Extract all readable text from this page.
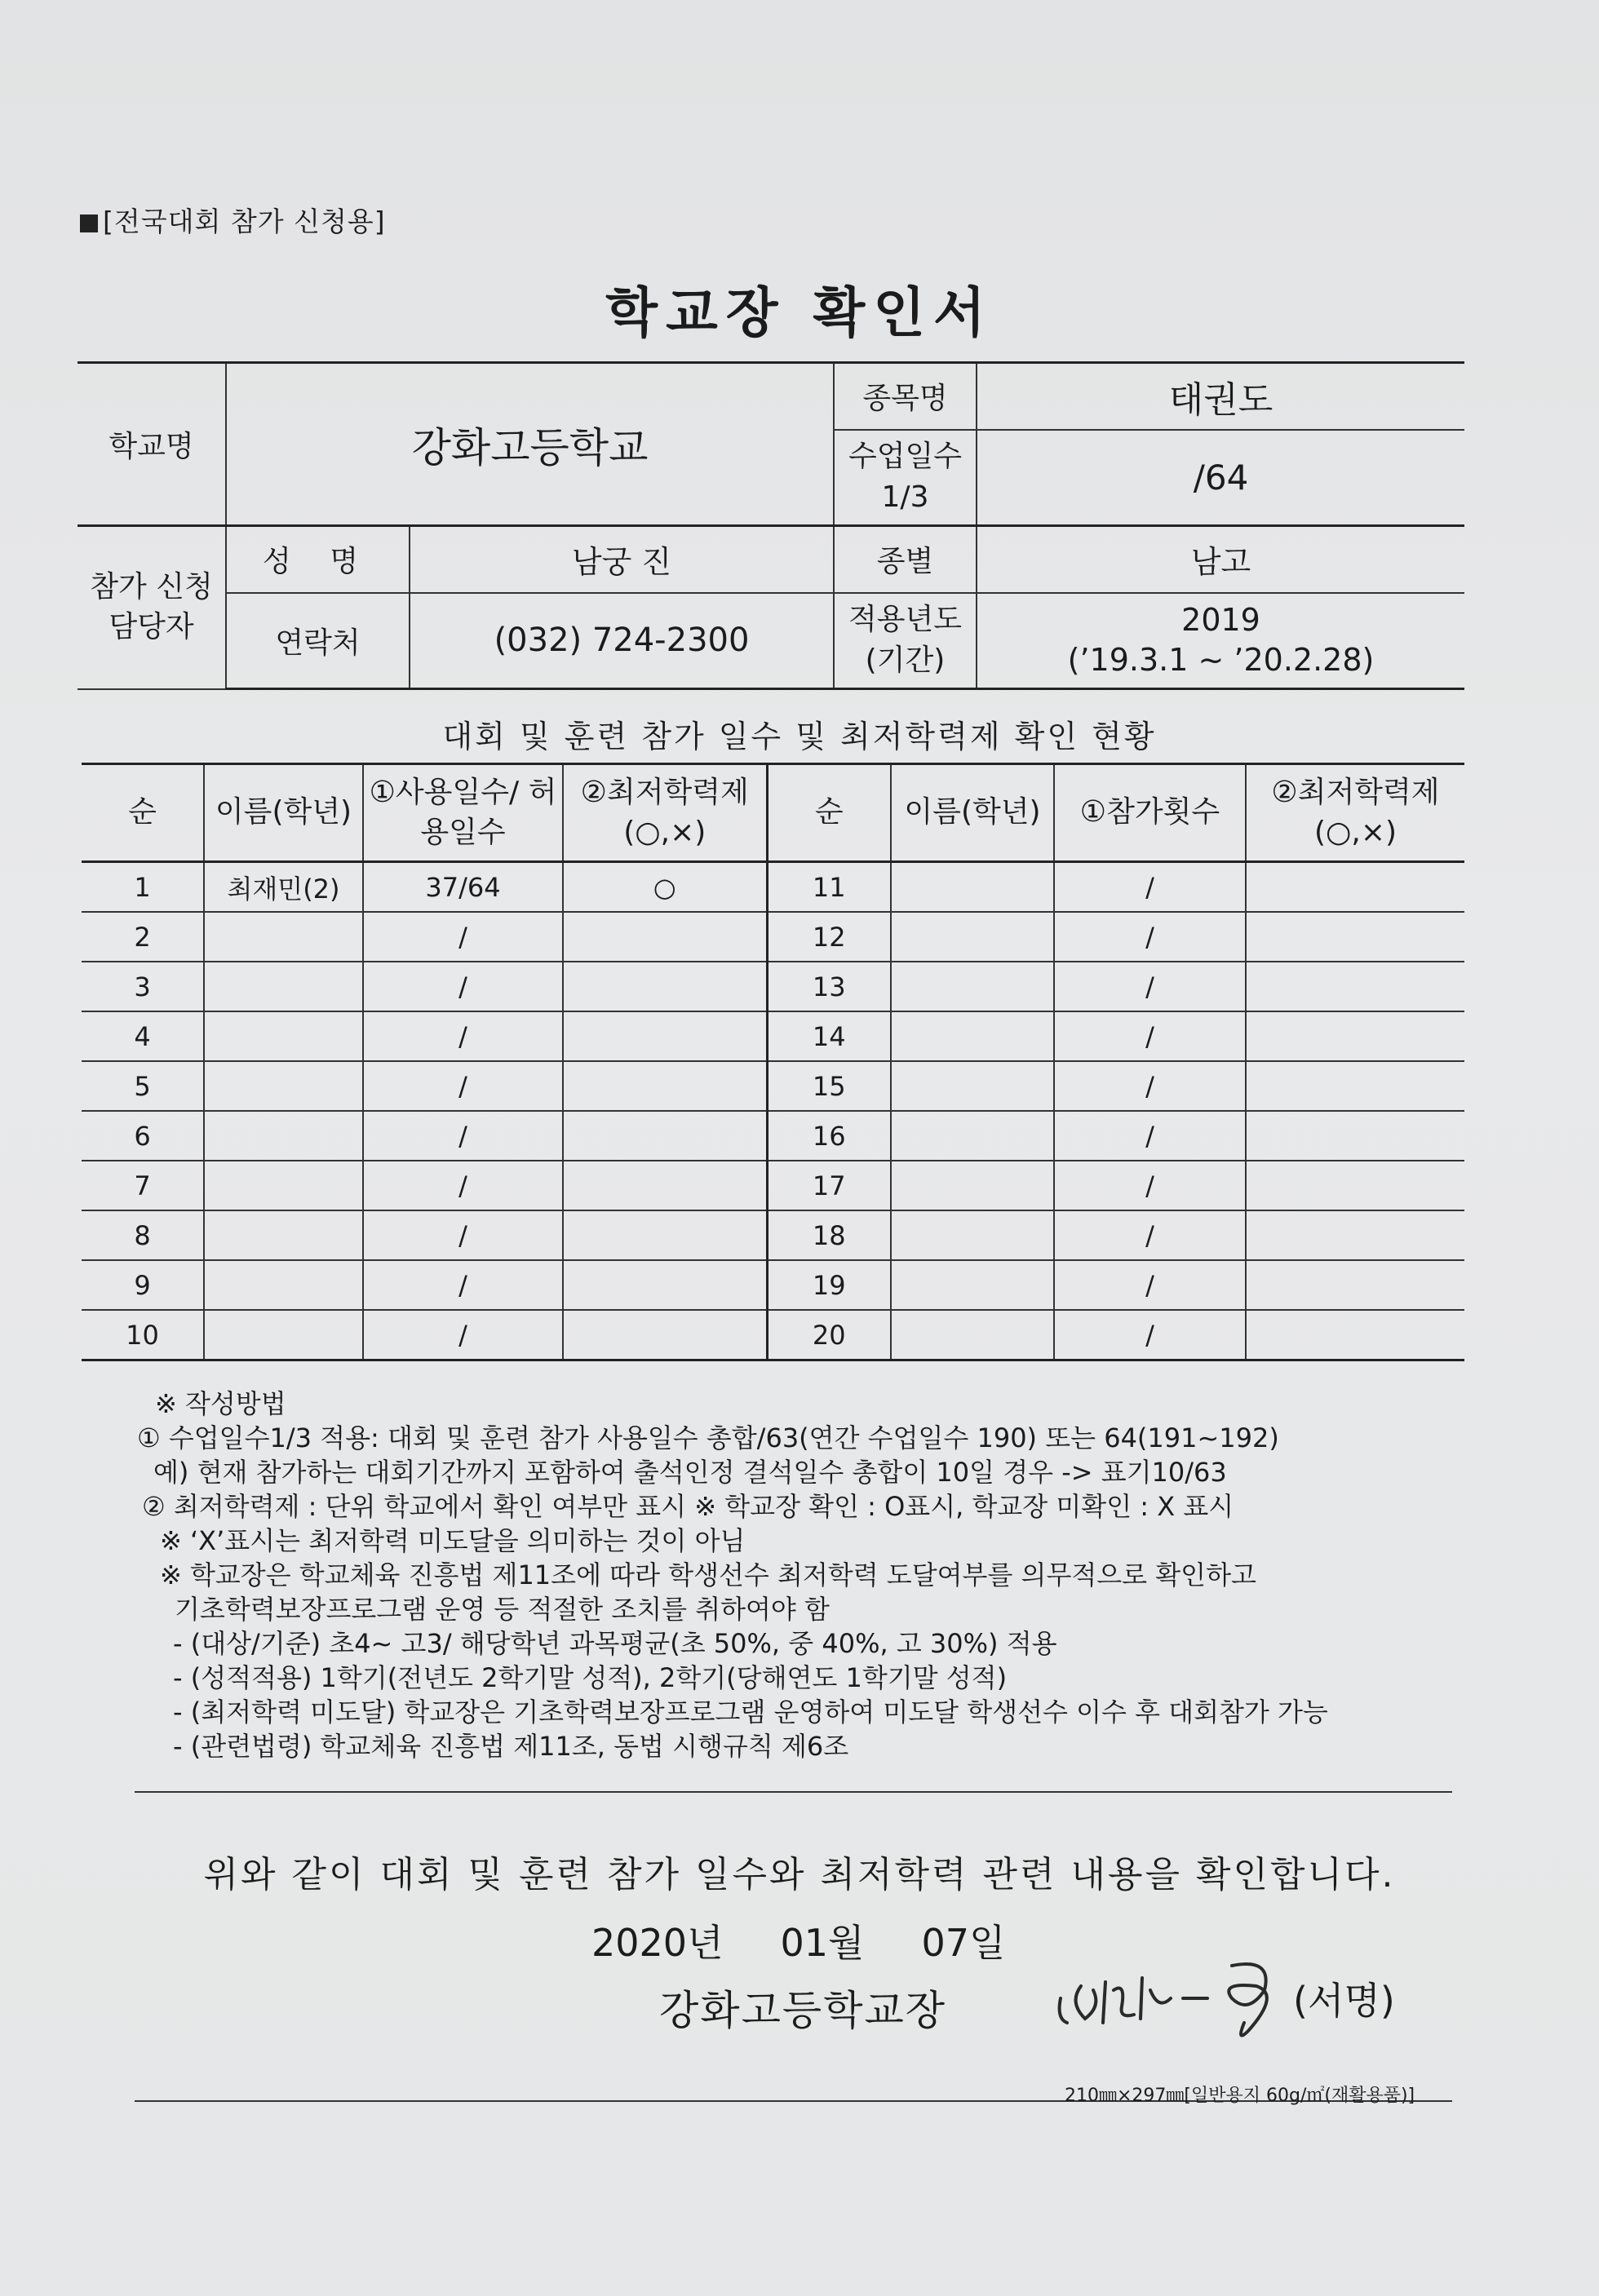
[전국대회 참가 신청용]
학교장 확인서
학교명	강화고등학교		종목명	태권도
			수업일수 1/3	/64
참가 신청 담당자	성 명	남궁 진	종별	남고
	연락처	(032) 724-2300	적용년도 (기간)	2019
(’19.3.1 ~ ’20.2.28)
대회 및 훈련 참가 일수 및 최저학력제 확인 현황
순	이름(학년)	①사용일수/ 허용일수	②최저학력제 (○,×)	순	이름(학년)	①참가횟수	②최저학력제 (○,×)
1	최재민(2)	37/64	○	11		/	
2		/		12		/	
3		/		13		/	
4		/		14		/	
5		/		15		/	
6		/		16		/	
7		/		17		/	
8		/		18		/	
9		/		19		/	
10		/		20		/	
※ 작성방법
① 수업일수1/3 적용: 대회 및 훈련 참가 사용일수 총합/63(연간 수업일수 190) 또는 64(191~192)
예) 현재 참가하는 대회기간까지 포함하여 출석인정 결석일수 총합이 10일 경우 -> 표기10/63
② 최저학력제 : 단위 학교에서 확인 여부만 표시 ※ 학교장 확인 : O표시, 학교장 미확인 : X 표시
※ ‘X’표시는 최저학력 미도달을 의미하는 것이 아님
※ 학교장은 학교체육 진흥법 제11조에 따라 학생선수 최저학력 도달여부를 의무적으로 확인하고
기초학력보장프로그램 운영 등 적절한 조치를 취하여야 함
- (대상/기준) 초4~ 고3/ 해당학년 과목평균(초 50%, 중 40%, 고 30%) 적용
- (성적적용) 1학기(전년도 2학기말 성적), 2학기(당해연도 1학기말 성적)
- (최저학력 미도달) 학교장은 기초학력보장프로그램 운영하여 미도달 학생선수 이수 후 대회참가 가능
- (관련법령) 학교체육 진흥법 제11조, 동법 시행규칙 제6조
위와 같이 대회 및 훈련 참가 일수와 최저학력 관련 내용을 확인합니다.
2020년 01월 07일
강화고등학교장	(서명)
210㎜×297㎜[일반용지 60g/㎡(재활용품)]
